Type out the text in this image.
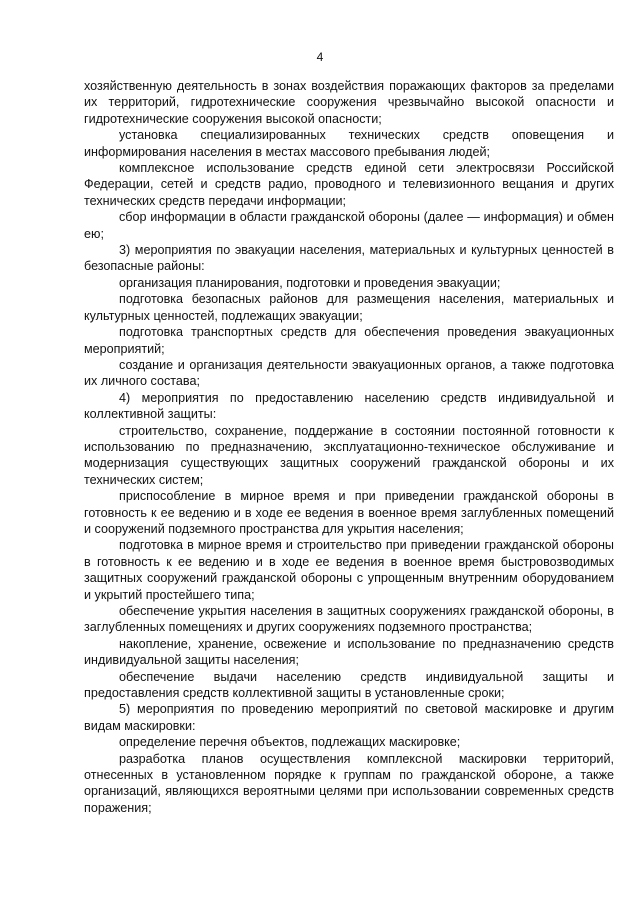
4

хозяйственную деятельность в зонах воздействия поражающих факторов за пределами их территорий, гидротехнические сооружения чрезвычайно высокой опасности и гидротехнические сооружения высокой опасности;

установка специализированных технических средств оповещения и информирования населения в местах массового пребывания людей;

комплексное использование средств единой сети электросвязи Российской Федерации, сетей и средств радио, проводного и телевизионного вещания и других технических средств передачи информации;

сбор информации в области гражданской обороны (далее — информация) и обмен ею;

3) мероприятия по эвакуации населения, материальных и культурных ценностей в безопасные районы:

организация планирования, подготовки и проведения эвакуации;

подготовка безопасных районов для размещения населения, материальных и культурных ценностей, подлежащих эвакуации;

подготовка транспортных средств для обеспечения проведения эвакуационных мероприятий;

создание и организация деятельности эвакуационных органов, а также подготовка их личного состава;

4) мероприятия по предоставлению населению средств индивидуальной и коллективной защиты:

строительство, сохранение, поддержание в состоянии постоянной готовности к использованию по предназначению, эксплуатационно-техническое обслуживание и модернизация существующих защитных сооружений гражданской обороны и их технических систем;

приспособление в мирное время и при приведении гражданской обороны в готовность к ее ведению и в ходе ее ведения в военное время заглубленных помещений и сооружений подземного пространства для укрытия населения;

подготовка в мирное время и строительство при приведении гражданской обороны в готовность к ее ведению и в ходе ее ведения в военное время быстровозводимых защитных сооружений гражданской обороны с упрощенным внутренним оборудованием и укрытий простейшего типа;

обеспечение укрытия населения в защитных сооружениях гражданской обороны, в заглубленных помещениях и других сооружениях подземного пространства;

накопление, хранение, освежение и использование по предназначению средств индивидуальной защиты населения;

обеспечение выдачи населению средств индивидуальной защиты и предоставления средств коллективной защиты в установленные сроки;

5) мероприятия по проведению мероприятий по световой маскировке и другим видам маскировки:

определение перечня объектов, подлежащих маскировке;

разработка планов осуществления комплексной маскировки территорий, отнесенных в установленном порядке к группам по гражданской обороне, а также организаций, являющихся вероятными целями при использовании современных средств поражения;
